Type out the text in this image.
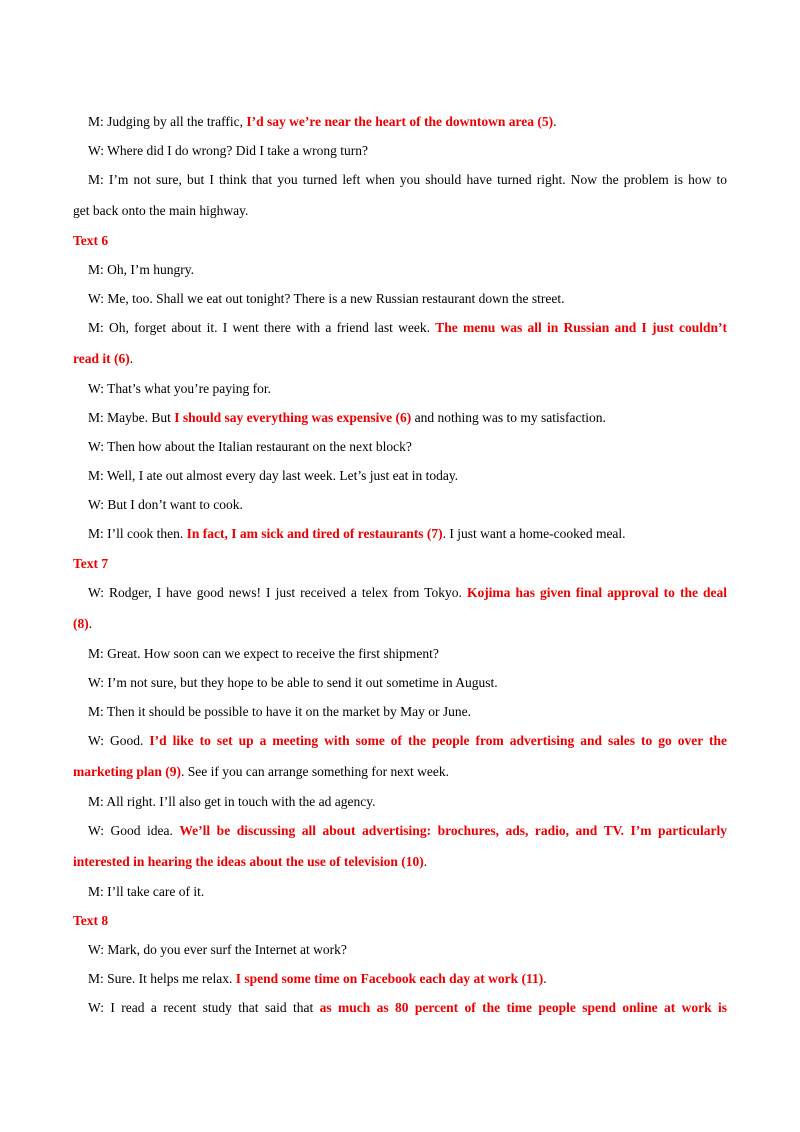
M: Judging by all the traffic, I’d say we’re near the heart of the downtown area (5).

W: Where did I do wrong? Did I take a wrong turn?

M: I’m not sure, but I think that you turned left when you should have turned right. Now the problem is how to

get back onto the main highway.

Text 6

M: Oh, I’m hungry.

W: Me, too. Shall we eat out tonight? There is a new Russian restaurant down the street.

M: Oh, forget about it. I went there with a friend last week. The menu was all in Russian and I just couldn’t

read it (6).

W: That’s what you’re paying for.

M: Maybe. But I should say everything was expensive (6) and nothing was to my satisfaction.

W: Then how about the Italian restaurant on the next block?

M: Well, I ate out almost every day last week. Let’s just eat in today.

W: But I don’t want to cook.

M: I’ll cook then. In fact, I am sick and tired of restaurants (7). I just want a home-cooked meal.

Text 7

W: Rodger, I have good news! I just received a telex from Tokyo. Kojima has given final approval to the deal

(8).

M: Great. How soon can we expect to receive the first shipment?

W: I’m not sure, but they hope to be able to send it out sometime in August.

M: Then it should be possible to have it on the market by May or June.

W: Good. I’d like to set up a meeting with some of the people from advertising and sales to go over the

marketing plan (9). See if you can arrange something for next week.

M: All right. I’ll also get in touch with the ad agency.

W: Good idea. We’ll be discussing all about advertising: brochures, ads, radio, and TV. I’m particularly

interested in hearing the ideas about the use of television (10).

M: I’ll take care of it.

Text 8

W: Mark, do you ever surf the Internet at work?

M: Sure. It helps me relax. I spend some time on Facebook each day at work (11).

W: I read a recent study that said that as much as 80 percent of the time people spend online at work is
